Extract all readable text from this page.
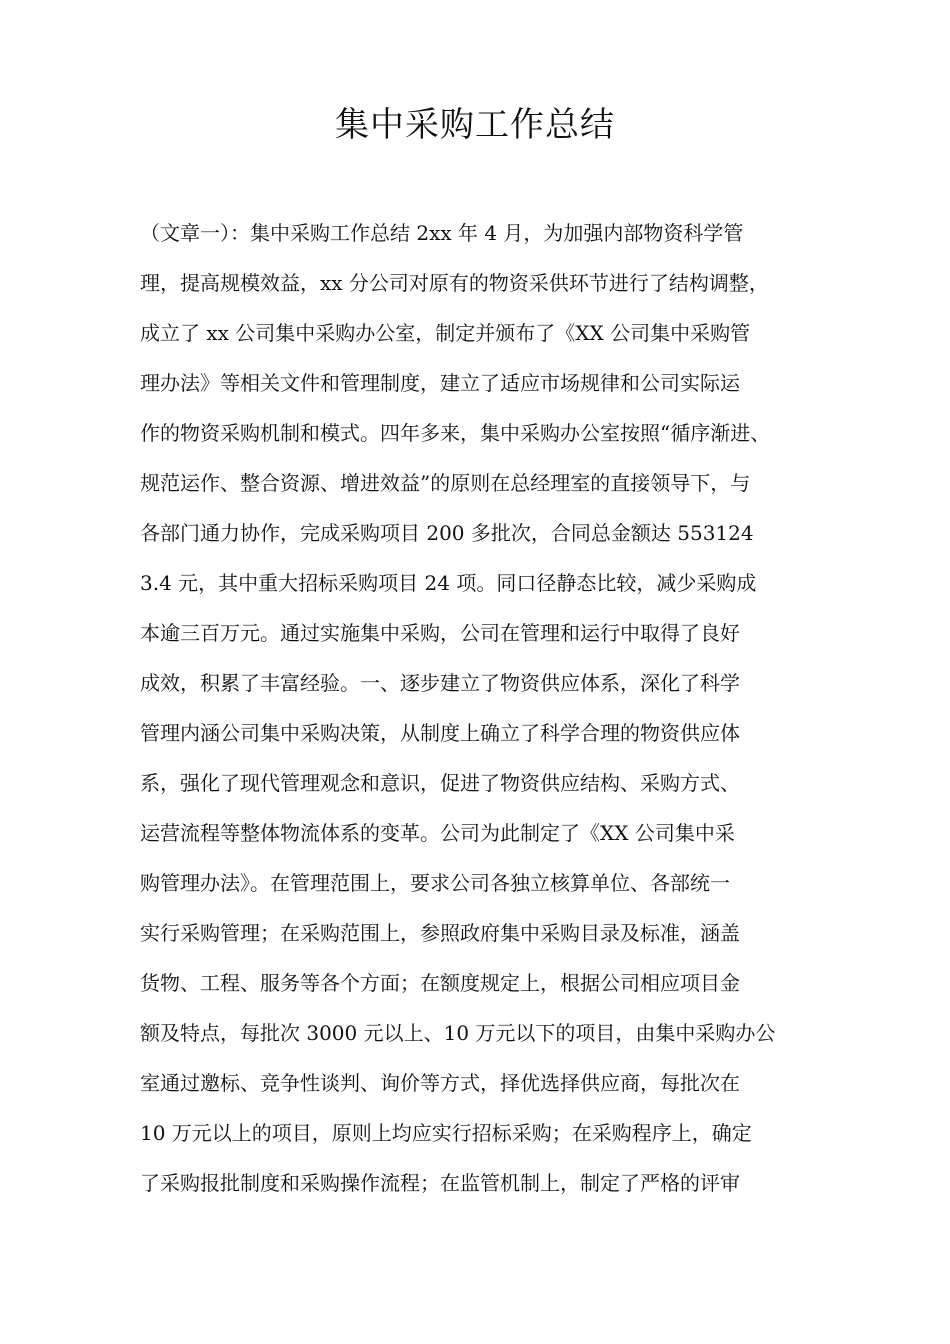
集中采购工作总结
（文章一）：集中采购工作总结 2xx 年 4 月，为加强内部物资科学管
理，提高规模效益，xx 分公司对原有的物资采供环节进行了结构调整，
成立了 xx 公司集中采购办公室，制定并颁布了《XX 公司集中采购管
理办法》等相关文件和管理制度，建立了适应市场规律和公司实际运
作的物资采购机制和模式。四年多来，集中采购办公室按照“循序渐进、
规范运作、整合资源、增进效益”的原则在总经理室的直接领导下，与
各部门通力协作，完成采购项目 200 多批次，合同总金额达 553124
3.4 元，其中重大招标采购项目 24 项。同口径静态比较，减少采购成
本逾三百万元。通过实施集中采购，公司在管理和运行中取得了良好
成效，积累了丰富经验。一、逐步建立了物资供应体系，深化了科学
管理内涵公司集中采购决策，从制度上确立了科学合理的物资供应体
系，强化了现代管理观念和意识，促进了物资供应结构、采购方式、
运营流程等整体物流体系的变革。公司为此制定了《XX 公司集中采
购管理办法》。在管理范围上，要求公司各独立核算单位、各部统一
实行采购管理；在采购范围上，参照政府集中采购目录及标准，涵盖
货物、工程、服务等各个方面；在额度规定上，根据公司相应项目金
额及特点，每批次 3000 元以上、10 万元以下的项目，由集中采购办公
室通过邀标、竞争性谈判、询价等方式，择优选择供应商，每批次在
10 万元以上的项目，原则上均应实行招标采购；在采购程序上，确定
了采购报批制度和采购操作流程；在监管机制上，制定了严格的评审
